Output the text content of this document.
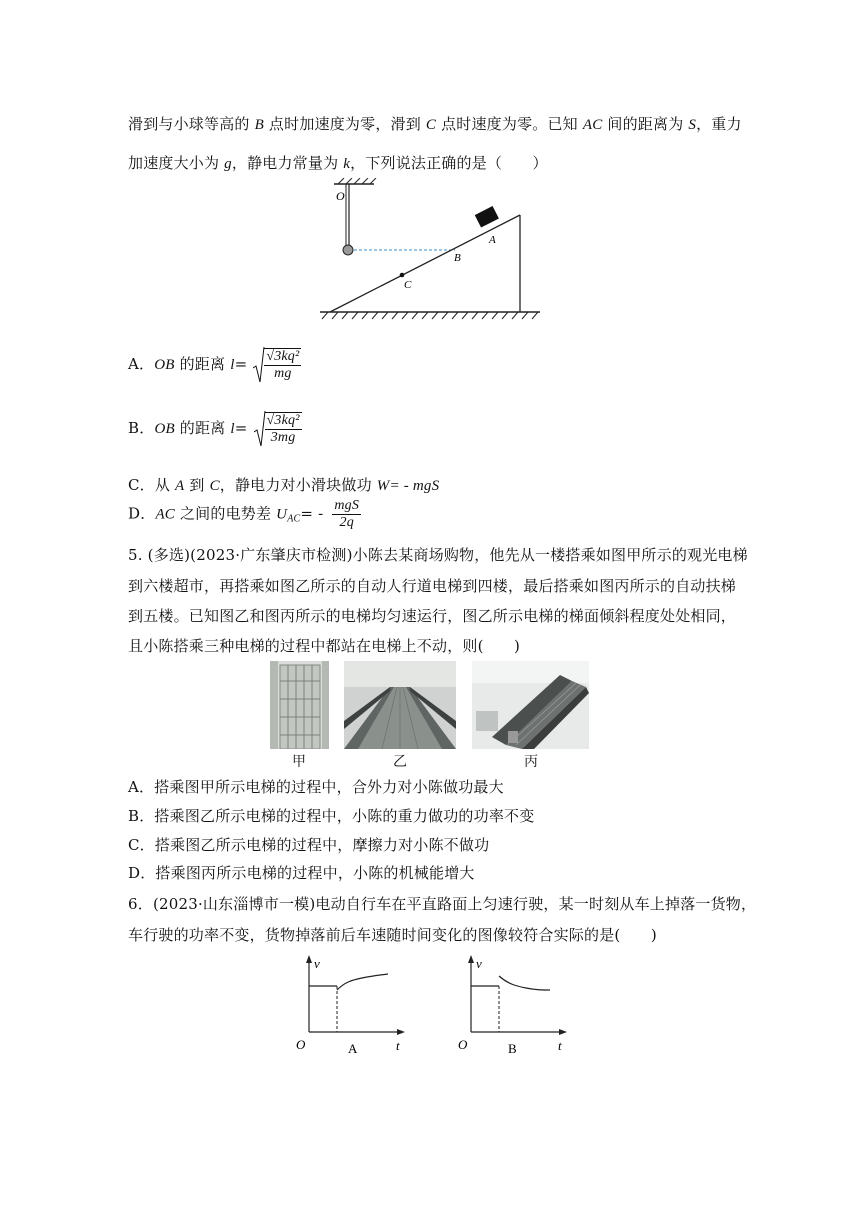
滑到与小球等高的 B 点时加速度为零，滑到 C 点时速度为零。已知 AC 间的距离为 S，重力
加速度大小为 g，静电力常量为 k，下列说法正确的是（　　）
O
A
B
C
A．OB 的距离 $l= \frac{\text{√3kq²}}{mg}$
B．OB 的距离 $l= \frac{\text{√3kq²}}{3mg}$
C．从 A 到 C，静电力对小滑块做功 W= - mgS
D．AC 之间的电势差 $U_{AC}= - \frac{\text{mgS}}{2q}$
5. (多选)(2023·广东肇庆市检测)小陈去某商场购物，他先从一楼搭乘如图甲所示的观光电梯
到六楼超市，再搭乘如图乙所示的自动人行道电梯到四楼，最后搭乘如图丙所示的自动扶梯
到五楼。已知图乙和图丙所示的电梯均匀速运行，图乙所示电梯的梯面倾斜程度处处相同，
且小陈搭乘三种电梯的过程中都站在电梯上不动，则(　　)
甲	乙	丙
A．搭乘图甲所示电梯的过程中，合外力对小陈做功最大
B．搭乘图乙所示电梯的过程中，小陈的重力做功的功率不变
C．搭乘图乙所示电梯的过程中，摩擦力对小陈不做功
D．搭乘图丙所示电梯的过程中，小陈的机械能增大
6．(2023·山东淄博市一模)电动自行车在平直路面上匀速行驶，某一时刻从车上掉落一货物，
车行驶的功率不变，货物掉落前后车速随时间变化的图像较符合实际的是(　　)
v
t
O	A
v
t
O	B
